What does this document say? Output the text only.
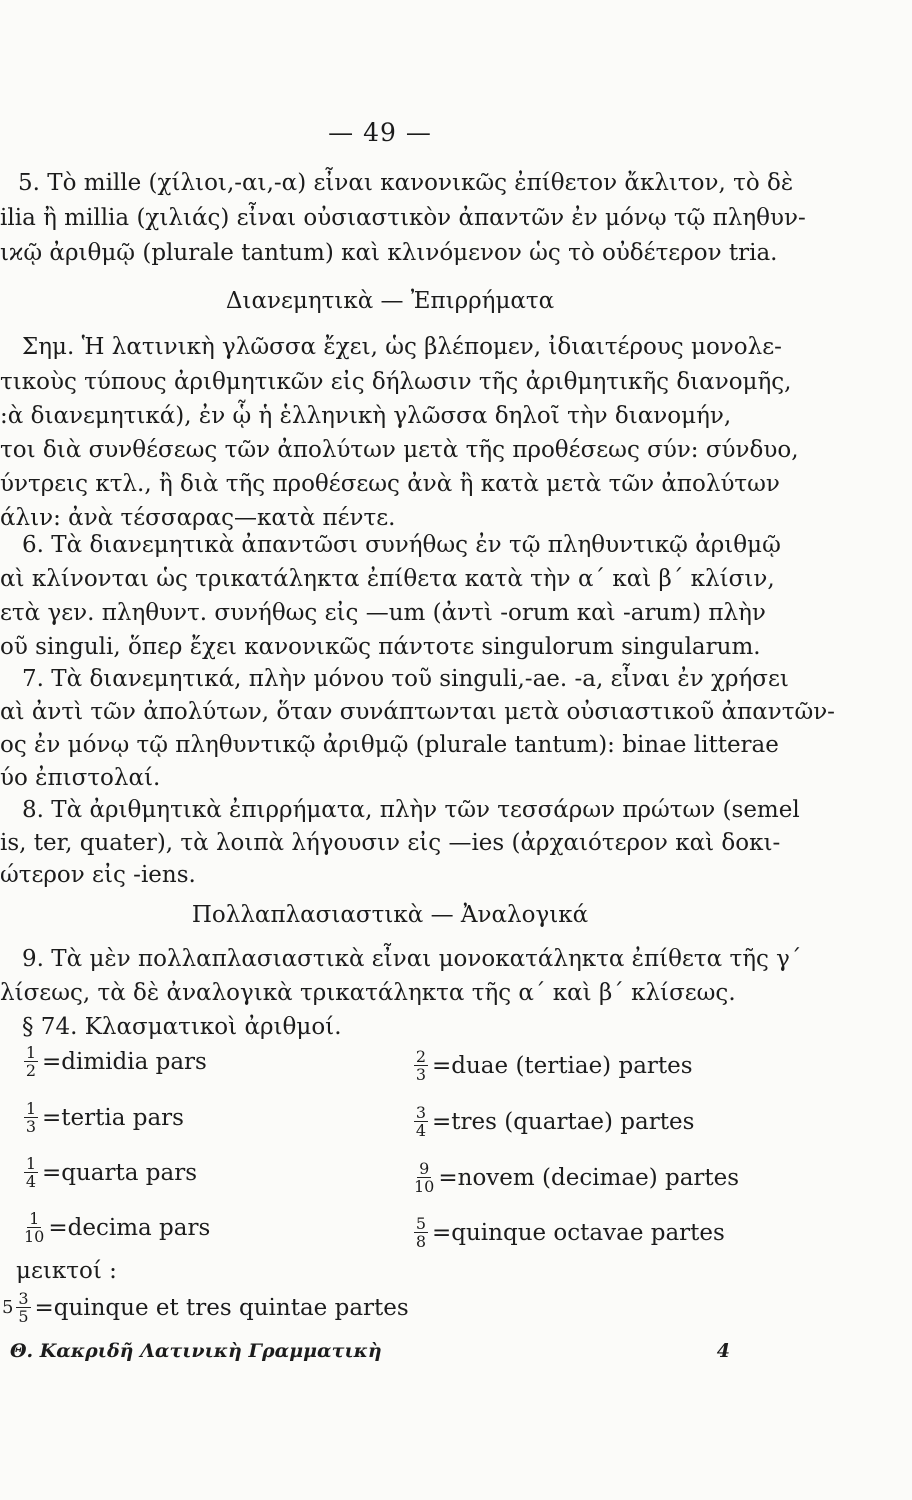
— 49 —
5. Τὸ mille (χίλιοι,-αι,-α) εἶναι κανονικῶς ἐπίθετον ἄκλιτον, τὸ δὲ
ilia ἢ millia (χιλιάς) εἶναι οὐσιαστικὸν ἀπαντῶν ἐν μόνῳ τῷ πληθυν-
ιϰῷ ἀριθμῷ (plurale tantum) καὶ κλινόμενον ὡς τὸ οὐδέτερον tria.
Διανεμητικὰ — Ἐπιρρήματα
Σημ. Ἡ λατινικὴ γλῶσσα ἔχει, ὡς βλέπομεν, ἰδιαιτέρους μονολε-
τικοὺς τύπους ἀριθμητικῶν εἰς δήλωσιν τῆς ἀριθμητικῆς διανομῆς,
:ὰ διανεμητικά), ἐν ᾧ ἡ ἑλληνικὴ γλῶσσα δηλοῖ τὴν διανομήν,
τοι διὰ συνθέσεως τῶν ἀπολύτων μετὰ τῆς προθέσεως σύν: σύνδυο,
ύντρεις κτλ., ἢ διὰ τῆς προθέσεως ἀνὰ ἢ κατὰ μετὰ τῶν ἀπολύτων
άλιν: ἀνὰ τέσσαρας—κατὰ πέντε.
6. Τὰ διανεμητικὰ ἀπαντῶσι συνήθως ἐν τῷ πληθυντικῷ ἀριθμῷ
αὶ κλίνονται ὡς τρικατάληκτα ἐπίθετα κατὰ τὴν α΄ καὶ β΄ κλίσιν,
ετὰ γεν. πληθυντ. συνήθως εἰς —um (ἀντὶ -orum καὶ -arum) πλὴν
οῦ singuli, ὅπερ ἔχει κανονικῶς πάντοτε singulorum singularum.
7. Τὰ διανεμητικά, πλὴν μόνου τοῦ singuli,-ae. -a, εἶναι ἐν χρήσει
αὶ ἀντὶ τῶν ἀπολύτων, ὅταν συνάπτωνται μετὰ οὐσιαστικοῦ ἀπαντῶν-
ος ἐν μόνῳ τῷ πληθυντικῷ ἀριθμῷ (plurale tantum): binae litterae
ύο ἐπιστολαί.
8. Τὰ ἀριθμητικὰ ἐπιρρήματα, πλὴν τῶν τεσσάρων πρώτων (semel
is, ter, quater), τὰ λοιπὰ λήγουσιν εἰς —ies (ἀρχαιότερον καὶ δοκι-
ώτερον εἰς -iens.
Πολλαπλασιαστικὰ — Ἀναλογικά
9. Τὰ μὲν πολλαπλασιαστικὰ εἶναι μονοκατάληκτα ἐπίθετα τῆς γ΄
λίσεως, τὰ δὲ ἀναλογικὰ τρικατάληκτα τῆς α΄ καὶ β΄ κλίσεως.
§ 74. Κλασματικοὶ ἀριθμοί.
$\frac{1}{2}$ =dimidia pars
$\frac{1}{3}$ =tertia pars
$\frac{1}{4}$ =quarta pars
$\frac{1}{10}$ =decima pars
$\frac{2}{3}$ =duae (tertiae) partes
$\frac{3}{4}$ =tres (quartae) partes
$\frac{9}{10}$ =novem (decimae) partes
$\frac{5}{8}$ =quinque octavae partes
μεικτοί :
$5 \frac{3}{5}$ =quinque et tres quintae partes
Θ. Κακριδῆ Λατινικὴ Γραμματικὴ	4
